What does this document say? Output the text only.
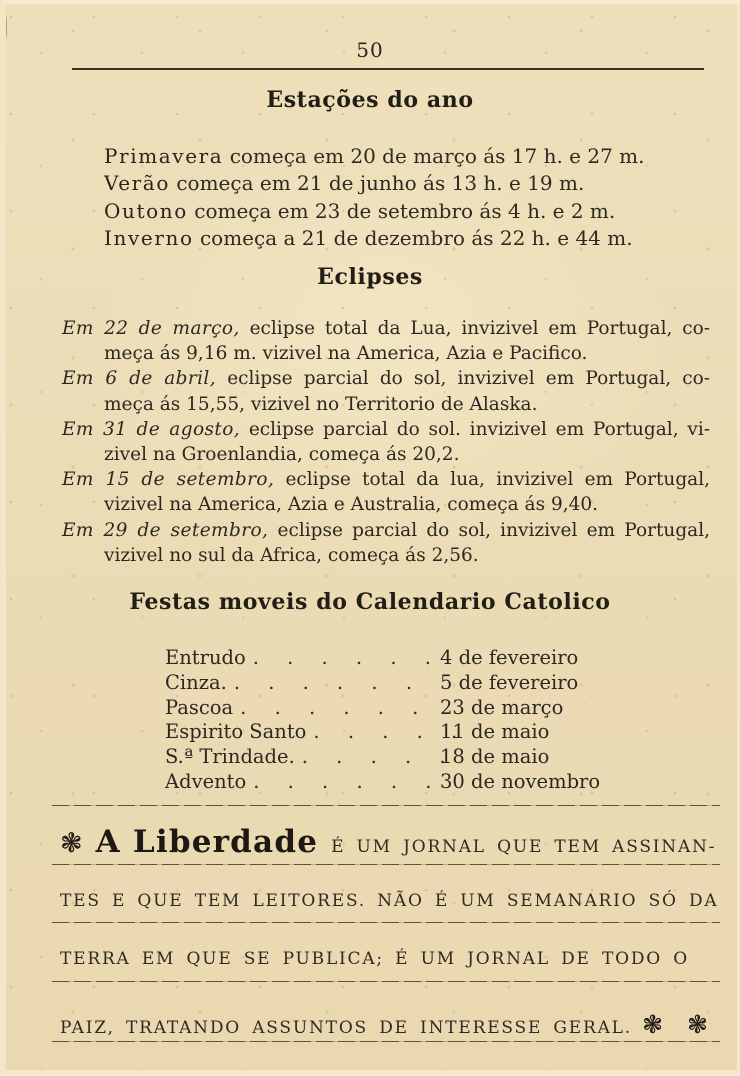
50
Estações do ano
Primavera começa em 20 de março ás 17 h. e 27 m.
Verão começa em 21 de junho ás 13 h. e 19 m.
Outono começa em 23 de setembro ás 4 h. e 2 m.
Inverno começa a 21 de dezembro ás 22 h. e 44 m.
Eclipses
Em 22 de março, eclipse total da Lua, invizivel em Portugal, co-
meça ás 9,16 m. vizivel na America, Azia e Pacifico.
Em 6 de abril, eclipse parcial do sol, invizivel em Portugal, co-
meça ás 15,55, vizivel no Territorio de Alaska.
Em 31 de agosto, eclipse parcial do sol. invizivel em Portugal, vi-
zivel na Groenlandia, começa ás 20,2.
Em 15 de setembro, eclipse total da lua, invizivel em Portugal,
vizivel na America, Azia e Australia, começa ás 9,40.
Em 29 de setembro, eclipse parcial do sol, invizivel em Portugal,
vizivel no sul da Africa, começa ás 2,56.
Festas moveis do Calendario Catolico
Entrudo . . . . . . 4 de fevereiro
Cinza. . . . . . . 5 de fevereiro
Pascoa . . . . . . 23 de março
Espirito Santo . . . . .
11 de maio
S.ª Trindade. . . . . .
18 de maio
Advento . . . . . . 30 de novembro
❃ A Liberdade É UM JORNAL QUE TEM ASSINAN-
TES E QUE TEM LEITORES. NÃO É UM SEMANARIO SÓ DA
TERRA EM QUE SE PUBLICA; É UM JORNAL DE TODO O
PAIZ, TRATANDO ASSUNTOS DE INTERESSE GERAL. ❃ ❃
